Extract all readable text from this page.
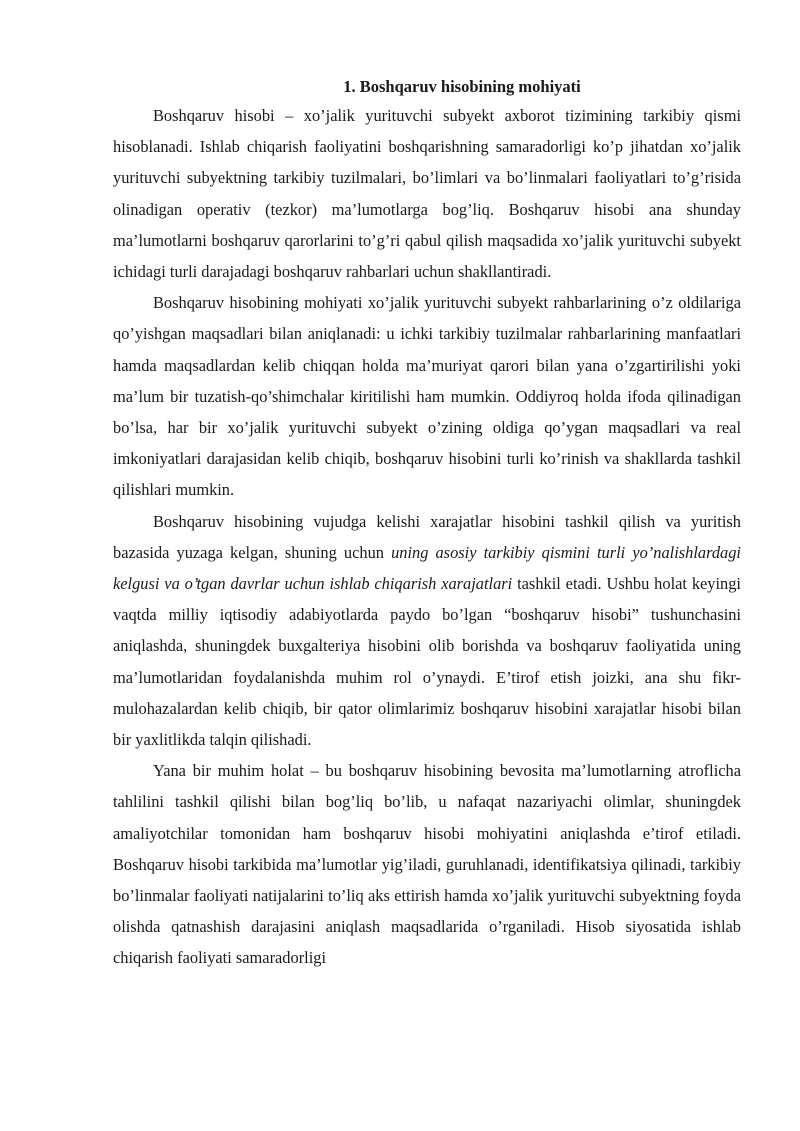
1. Boshqaruv hisobining mohiyati

Boshqaruv hisobi – xo’jalik yurituvchi subyekt axborot tizimining tarkibiy qismi hisoblanadi. Ishlab chiqarish faoliyatini boshqarishning samaradorligi ko’p jihatdan xo’jalik yurituvchi subyektning tarkibiy tuzilmalari, bo’limlari va bo’linmalari faoliyatlari to’g’risida olinadigan operativ (tezkor) ma’lumotlarga bog’liq. Boshqaruv hisobi ana shunday ma’lumotlarni boshqaruv qarorlarini to’g’ri qabul qilish maqsadida xo’jalik yurituvchi subyekt ichidagi turli darajadagi boshqaruv rahbarlari uchun shakllantiradi.

Boshqaruv hisobining mohiyati xo’jalik yurituvchi subyekt rahbarlarining o’z oldilariga qo’yishgan maqsadlari bilan aniqlanadi: u ichki tarkibiy tuzilmalar rahbarlarining manfaatlari hamda maqsadlardan kelib chiqqan holda ma’muriyat qarori bilan yana o’zgartirilishi yoki ma’lum bir tuzatish-qo’shimchalar kiritilishi ham mumkin. Oddiyroq holda ifoda qilinadigan bo’lsa, har bir xo’jalik yurituvchi subyekt o’zining oldiga qo’ygan maqsadlari va real imkoniyatlari darajasidan kelib chiqib, boshqaruv hisobini turli ko’rinish va shakllarda tashkil qilishlari mumkin.

Boshqaruv hisobining vujudga kelishi xarajatlar hisobini tashkil qilish va yuritish bazasida yuzaga kelgan, shuning uchun uning asosiy tarkibiy qismini turli yo’nalishlardagi kelgusi va o’tgan davrlar uchun ishlab chiqarish xarajatlari tashkil etadi. Ushbu holat keyingi vaqtda milliy iqtisodiy adabiyotlarda paydo bo’lgan “boshqaruv hisobi” tushunchasini aniqlashda, shuningdek buxgalteriya hisobini olib borishda va boshqaruv faoliyatida uning ma’lumotlaridan foydalanishda muhim rol o’ynaydi. E’tirof etish joizki, ana shu fikr-mulohazalardan kelib chiqib, bir qator olimlarimiz boshqaruv hisobini xarajatlar hisobi bilan bir yaxlitlikda talqin qilishadi.

Yana bir muhim holat – bu boshqaruv hisobining bevosita ma’lumotlarning atroflicha tahlilini tashkil qilishi bilan bog’liq bo’lib, u nafaqat nazariyachi olimlar, shuningdek amaliyotchilar tomonidan ham boshqaruv hisobi mohiyatini aniqlashda e’tirof etiladi. Boshqaruv hisobi tarkibida ma’lumotlar yig’iladi, guruhlanadi, identifikatsiya qilinadi, tarkibiy bo’linmalar faoliyati natijalarini to’liq aks ettirish hamda xo’jalik yurituvchi subyektning foyda olishda qatnashish darajasini aniqlash maqsadlarida o’rganiladi. Hisob siyosatida ishlab chiqarish faoliyati samaradorligi
